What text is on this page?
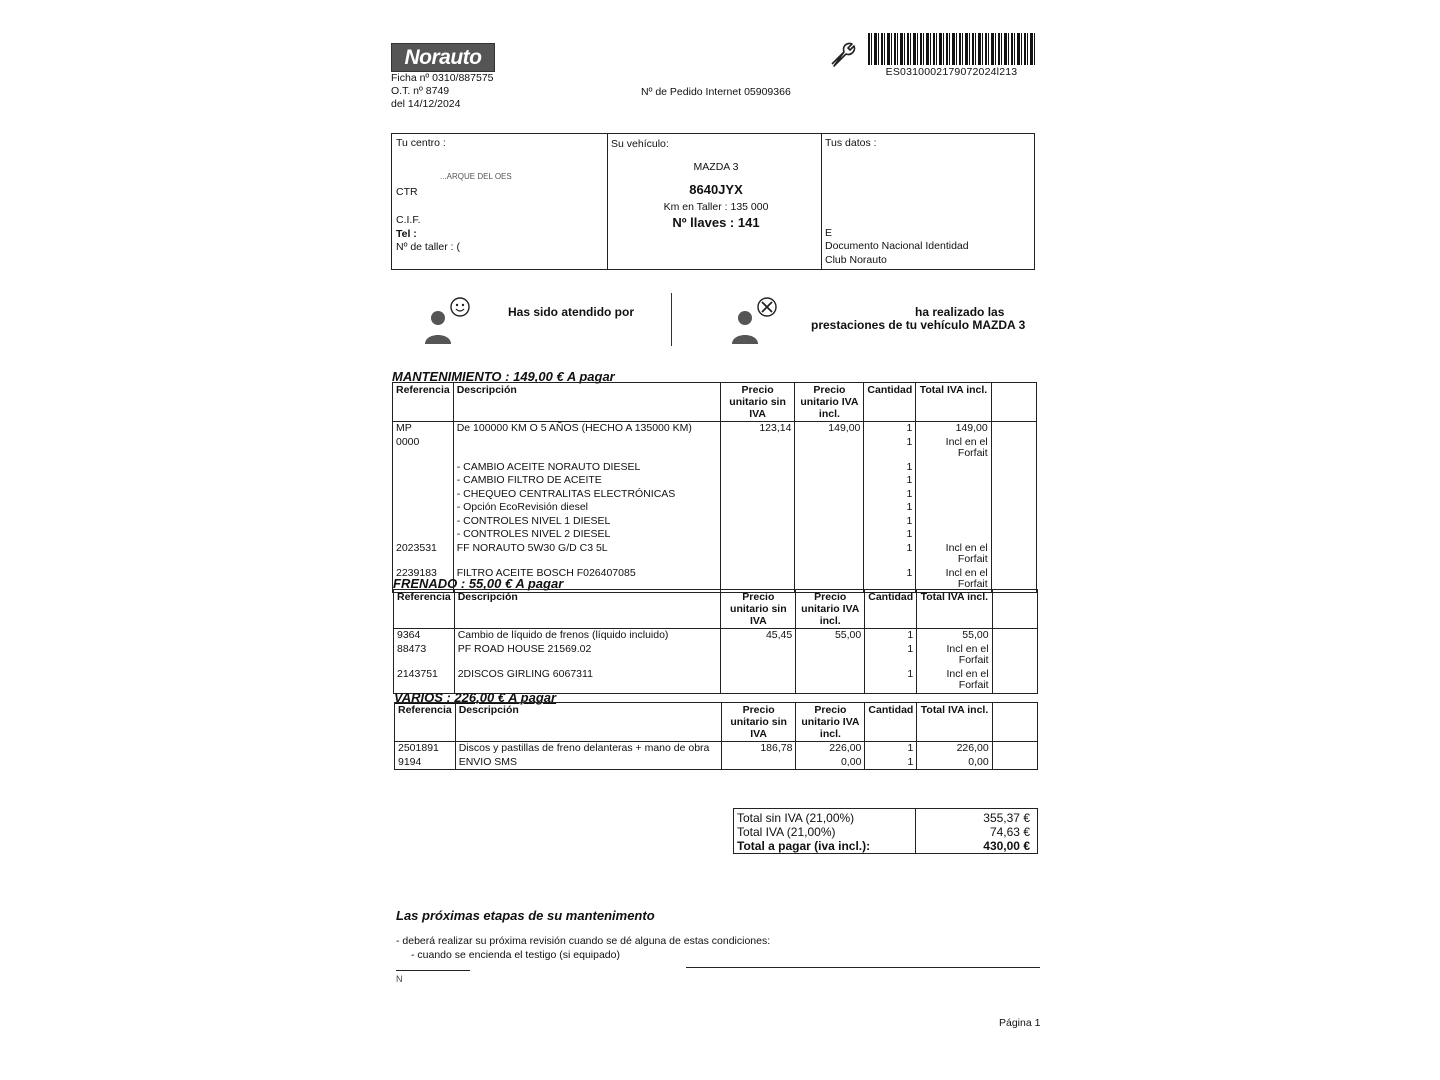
Norauto
Ficha nº 0310/887575
O.T. nº 8749
del 14/12/2024
Nº de Pedido Internet 05909366
ES0310002179072024l213
Tu centro :
...ARQUE DEL OES
CTR
C.I.F.
Tel :
Nº de taller : (
Su vehículo:
MAZDA 3
8640JYX
Km en Taller : 135 000
Nº llaves : 141
Tus datos :
E
Documento Nacional Identidad
Club Norauto
Has sido atendido por	ha realizado las
prestaciones de tu vehículo MAZDA 3
MANTENIMIENTO : 149,00 € A pagar
Referencia	Descripción	Precio unitario sin IVA	Precio unitario IVA incl.	Cantidad	Total IVA incl.	
MP	De 100000 KM O 5 AÑOS (HECHO A 135000 KM)	123,14	149,00	1	149,00	
0000				1	Incl en el Forfait	
	- CAMBIO ACEITE NORAUTO DIESEL			1		
	- CAMBIO FILTRO DE ACEITE			1		
	- CHEQUEO CENTRALITAS ELECTRÓNICAS			1		
	- Opción EcoRevisión diesel			1		
	- CONTROLES NIVEL 1 DIESEL			1		
	- CONTROLES NIVEL 2 DIESEL			1		
2023531	FF NORAUTO 5W30 G/D C3 5L			1	Incl en el Forfait	
2239183	FILTRO ACEITE BOSCH F026407085			1	Incl en el Forfait	
FRENADO : 55,00 € A pagar
Referencia	Descripción	Precio unitario sin IVA	Precio unitario IVA incl.	Cantidad	Total IVA incl.	
9364	Cambio de líquido de frenos (líquido incluido)	45,45	55,00	1	55,00	
88473	PF ROAD HOUSE 21569.02			1	Incl en el Forfait	
2143751	2DISCOS GIRLING 6067311			1	Incl en el Forfait	
VARIOS : 226,00 € A pagar
Referencia	Descripción	Precio unitario sin IVA	Precio unitario IVA incl.	Cantidad	Total IVA incl.	
2501891	Discos y pastillas de freno delanteras + mano de obra	186,78	226,00	1	226,00	
9194	ENVIO SMS		0,00	1	0,00	
Total sin IVA (21,00%)	355,37 €
Total IVA (21,00%)	74,63 €
Total a pagar (iva incl.):	430,00 €
Las próximas etapas de su mantenimento
- deberá realizar su próxima revisión cuando se dé alguna de estas condiciones:
- cuando se encienda el testigo (si equipado)
N
Página 1
